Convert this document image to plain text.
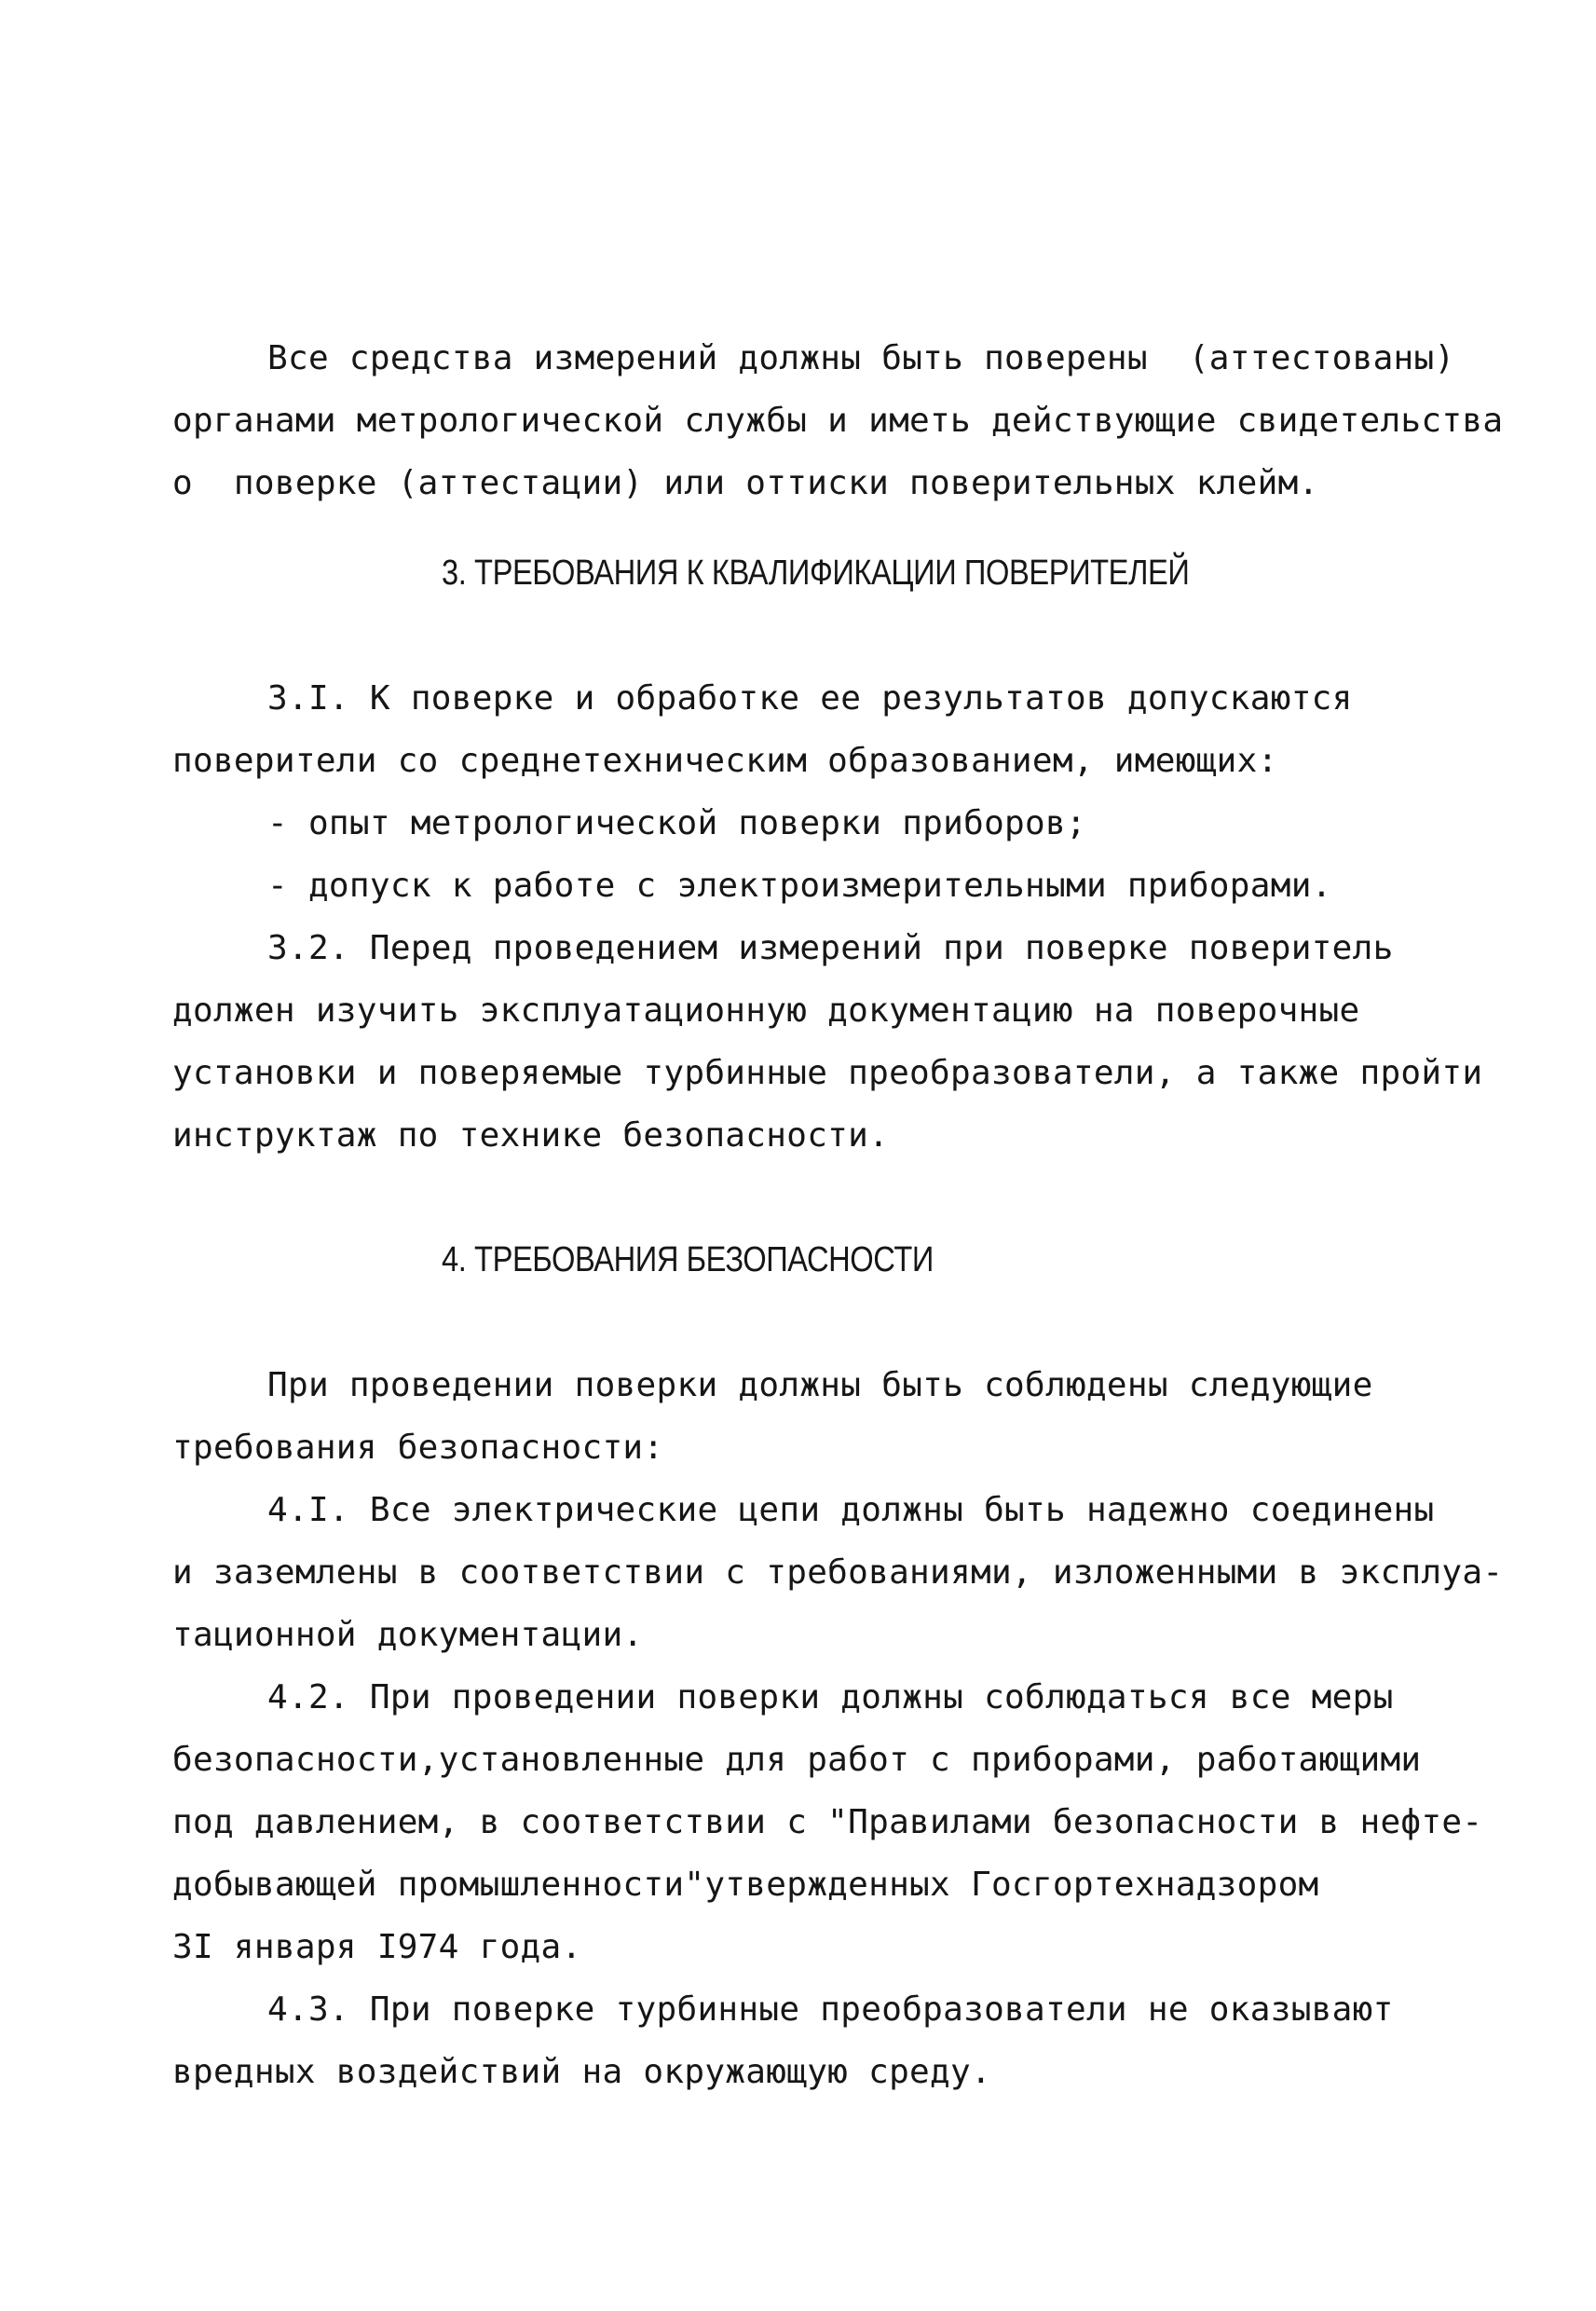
Все средства измерений должны быть поверены  (аттестованы)
органами метрологической службы и иметь действующие свидетельства
о  поверке (аттестации) или оттиски поверительных клейм.
3. ТРЕБОВАНИЯ К КВАЛИФИКАЦИИ ПОВЕРИТЕЛЕЙ
3.I. К поверке и обработке ее результатов допускаются
поверители со среднетехническим образованием, имеющих:
- опыт метрологической поверки приборов;
- допуск к работе с электроизмерительными приборами.
3.2. Перед проведением измерений при поверке поверитель
должен изучить эксплуатационную документацию на поверочные
установки и поверяемые турбинные преобразователи, а также пройти
инструктаж по технике безопасности.
4. ТРЕБОВАНИЯ БЕЗОПАСНОСТИ
При проведении поверки должны быть соблюдены следующие
требования безопасности:
4.I. Все электрические цепи должны быть надежно соединены
и заземлены в соответствии с требованиями, изложенными в эксплуа-
тационной документации.
4.2. При проведении поверки должны соблюдаться все меры
безопасности,установленные для работ с приборами, работающими
под давлением, в соответствии с "Правилами безопасности в нефте-
добывающей промышленности"утвержденных Госгортехнадзором
3I января I974 года.
4.3. При поверке турбинные преобразователи не оказывают
вредных воздействий на окружающую среду.
